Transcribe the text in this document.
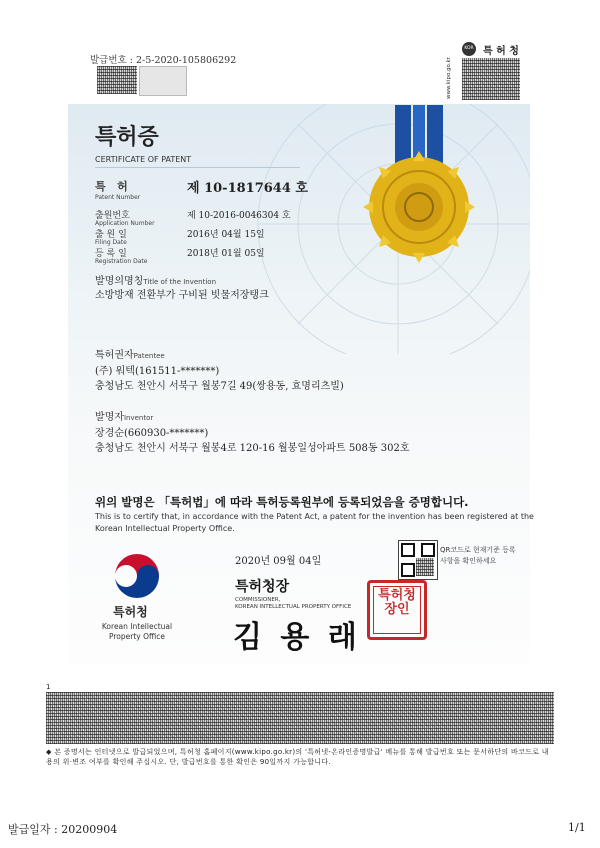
발급번호 : 2-5-2020-105806292	www.kipo.go.kr
KOR 특 허 청
특허증
CERTIFICATE OF PATENT
특   허
Patent Number
제 10-1817644 호
출원번호
Application Number
제 10-2016-0046304 호
출 원 일
Filing Date
2016년 04월 15일
등 록 일
Registration Date
2018년 01월 05일
발명의명칭Title of the Invention
소방방재 전환부가 구비된 빗물저장탱크
특허권자Patentee
(주) 워텍(161511-*******)
충청남도 천안시 서북구 월봉7길 49(쌍용동, 효명리츠빌)
발명자Inventor
장경순(660930-*******)
충청남도 천안시 서북구 월봉4로 120-16 월봉일성아파트 508동 302호
위의 발명은 「특허법」에 따라 특허등록원부에 등록되었음을 증명합니다.
This is to certify that, in accordance with the Patent Act, a patent for the invention has been registered at the Korean Intellectual Property Office.
특허청
Korean Intellectual
Property Office
2020년 09월 04일
QR코드로 현재기준 등록사항을 확인하세요
특허청장
COMMISSIONER,
KOREAN INTELLECTUAL PROPERTY OFFICE
김 용 래
특허청장인
1
◆ 본 증명서는 인터넷으로 발급되었으며, 특허청 홈페이지(www.kipo.go.kr)의 '특허넷-온라인증명발급' 메뉴를 통해 발급번호 또는 문서하단의 바코드로 내용의 위·변조 여부를 확인해 주십시오. 단, 발급번호를 통한 확인은 90일까지 가능합니다.
발급일자 : 20200904	1/1
